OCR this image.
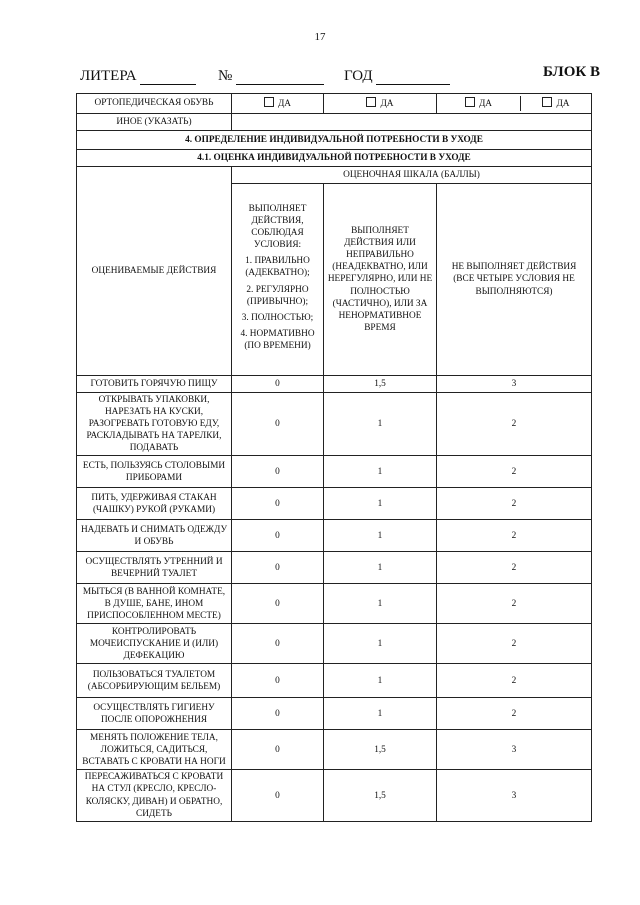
17
ЛИТЕРА	№	ГОД	БЛОК В
ОРТОПЕДИЧЕСКАЯ ОБУВЬ	ДА	ДА		ДА	ДА

ИНОЕ (УКАЗАТЬ)	
4. ОПРЕДЕЛЕНИЕ ИНДИВИДУАЛЬНОЙ ПОТРЕБНОСТИ В УХОДЕ
4.1. ОЦЕНКА ИНДИВИДУАЛЬНОЙ ПОТРЕБНОСТИ В УХОДЕ
ОЦЕНИВАЕМЫЕ ДЕЙСТВИЯ	ОЦЕНОЧНАЯ ШКАЛА (БАЛЛЫ)

ВЫПОЛНЯЕТ ДЕЙСТВИЯ, СОБЛЮДАЯ УСЛОВИЯ:

1. ПРАВИЛЬНО (АДЕКВАТНО);

2. РЕГУЛЯРНО (ПРИВЫЧНО);

3. ПОЛНОСТЬЮ;

4. НОРМАТИВНО (ПО ВРЕМЕНИ)

	ВЫПОЛНЯЕТ ДЕЙСТВИЯ ИЛИ НЕПРАВИЛЬНО (НЕАДЕКВАТНО, ИЛИ НЕРЕГУЛЯРНО, ИЛИ НЕ ПОЛНОСТЬЮ (ЧАСТИЧНО), ИЛИ ЗА НЕНОРМАТИВНОЕ ВРЕМЯ	НЕ ВЫПОЛНЯЕТ ДЕЙСТВИЯ (ВСЕ ЧЕТЫРЕ УСЛОВИЯ НЕ ВЫПОЛНЯЮТСЯ)
ГОТОВИТЬ ГОРЯЧУЮ ПИЩУ	0	1,5	3
ОТКРЫВАТЬ УПАКОВКИ, НАРЕЗАТЬ НА КУСКИ, РАЗОГРЕВАТЬ ГОТОВУЮ ЕДУ, РАСКЛАДЫВАТЬ НА ТАРЕЛКИ, ПОДАВАТЬ	0	1	2
ЕСТЬ, ПОЛЬЗУЯСЬ СТОЛОВЫМИ ПРИБОРАМИ	0	1	2
ПИТЬ, УДЕРЖИВАЯ СТАКАН (ЧАШКУ) РУКОЙ (РУКАМИ)	0	1	2
НАДЕВАТЬ И СНИМАТЬ ОДЕЖДУ И ОБУВЬ	0	1	2
ОСУЩЕСТВЛЯТЬ УТРЕННИЙ И ВЕЧЕРНИЙ ТУАЛЕТ	0	1	2
МЫТЬСЯ (В ВАННОЙ КОМНАТЕ, В ДУШЕ, БАНЕ, ИНОМ ПРИСПОСОБЛЕННОМ МЕСТЕ)	0	1	2
КОНТРОЛИРОВАТЬ МОЧЕИСПУСКАНИЕ И (ИЛИ) ДЕФЕКАЦИЮ	0	1	2
ПОЛЬЗОВАТЬСЯ ТУАЛЕТОМ (АБСОРБИРУЮЩИМ БЕЛЬЕМ)	0	1	2
ОСУЩЕСТВЛЯТЬ ГИГИЕНУ ПОСЛЕ ОПОРОЖНЕНИЯ	0	1	2
МЕНЯТЬ ПОЛОЖЕНИЕ ТЕЛА, ЛОЖИТЬСЯ, САДИТЬСЯ, ВСТАВАТЬ С КРОВАТИ НА НОГИ	0	1,5	3
ПЕРЕСАЖИВАТЬСЯ С КРОВАТИ НА СТУЛ (КРЕСЛО, КРЕСЛО-КОЛЯСКУ, ДИВАН) И ОБРАТНО, СИДЕТЬ	0	1,5	3
